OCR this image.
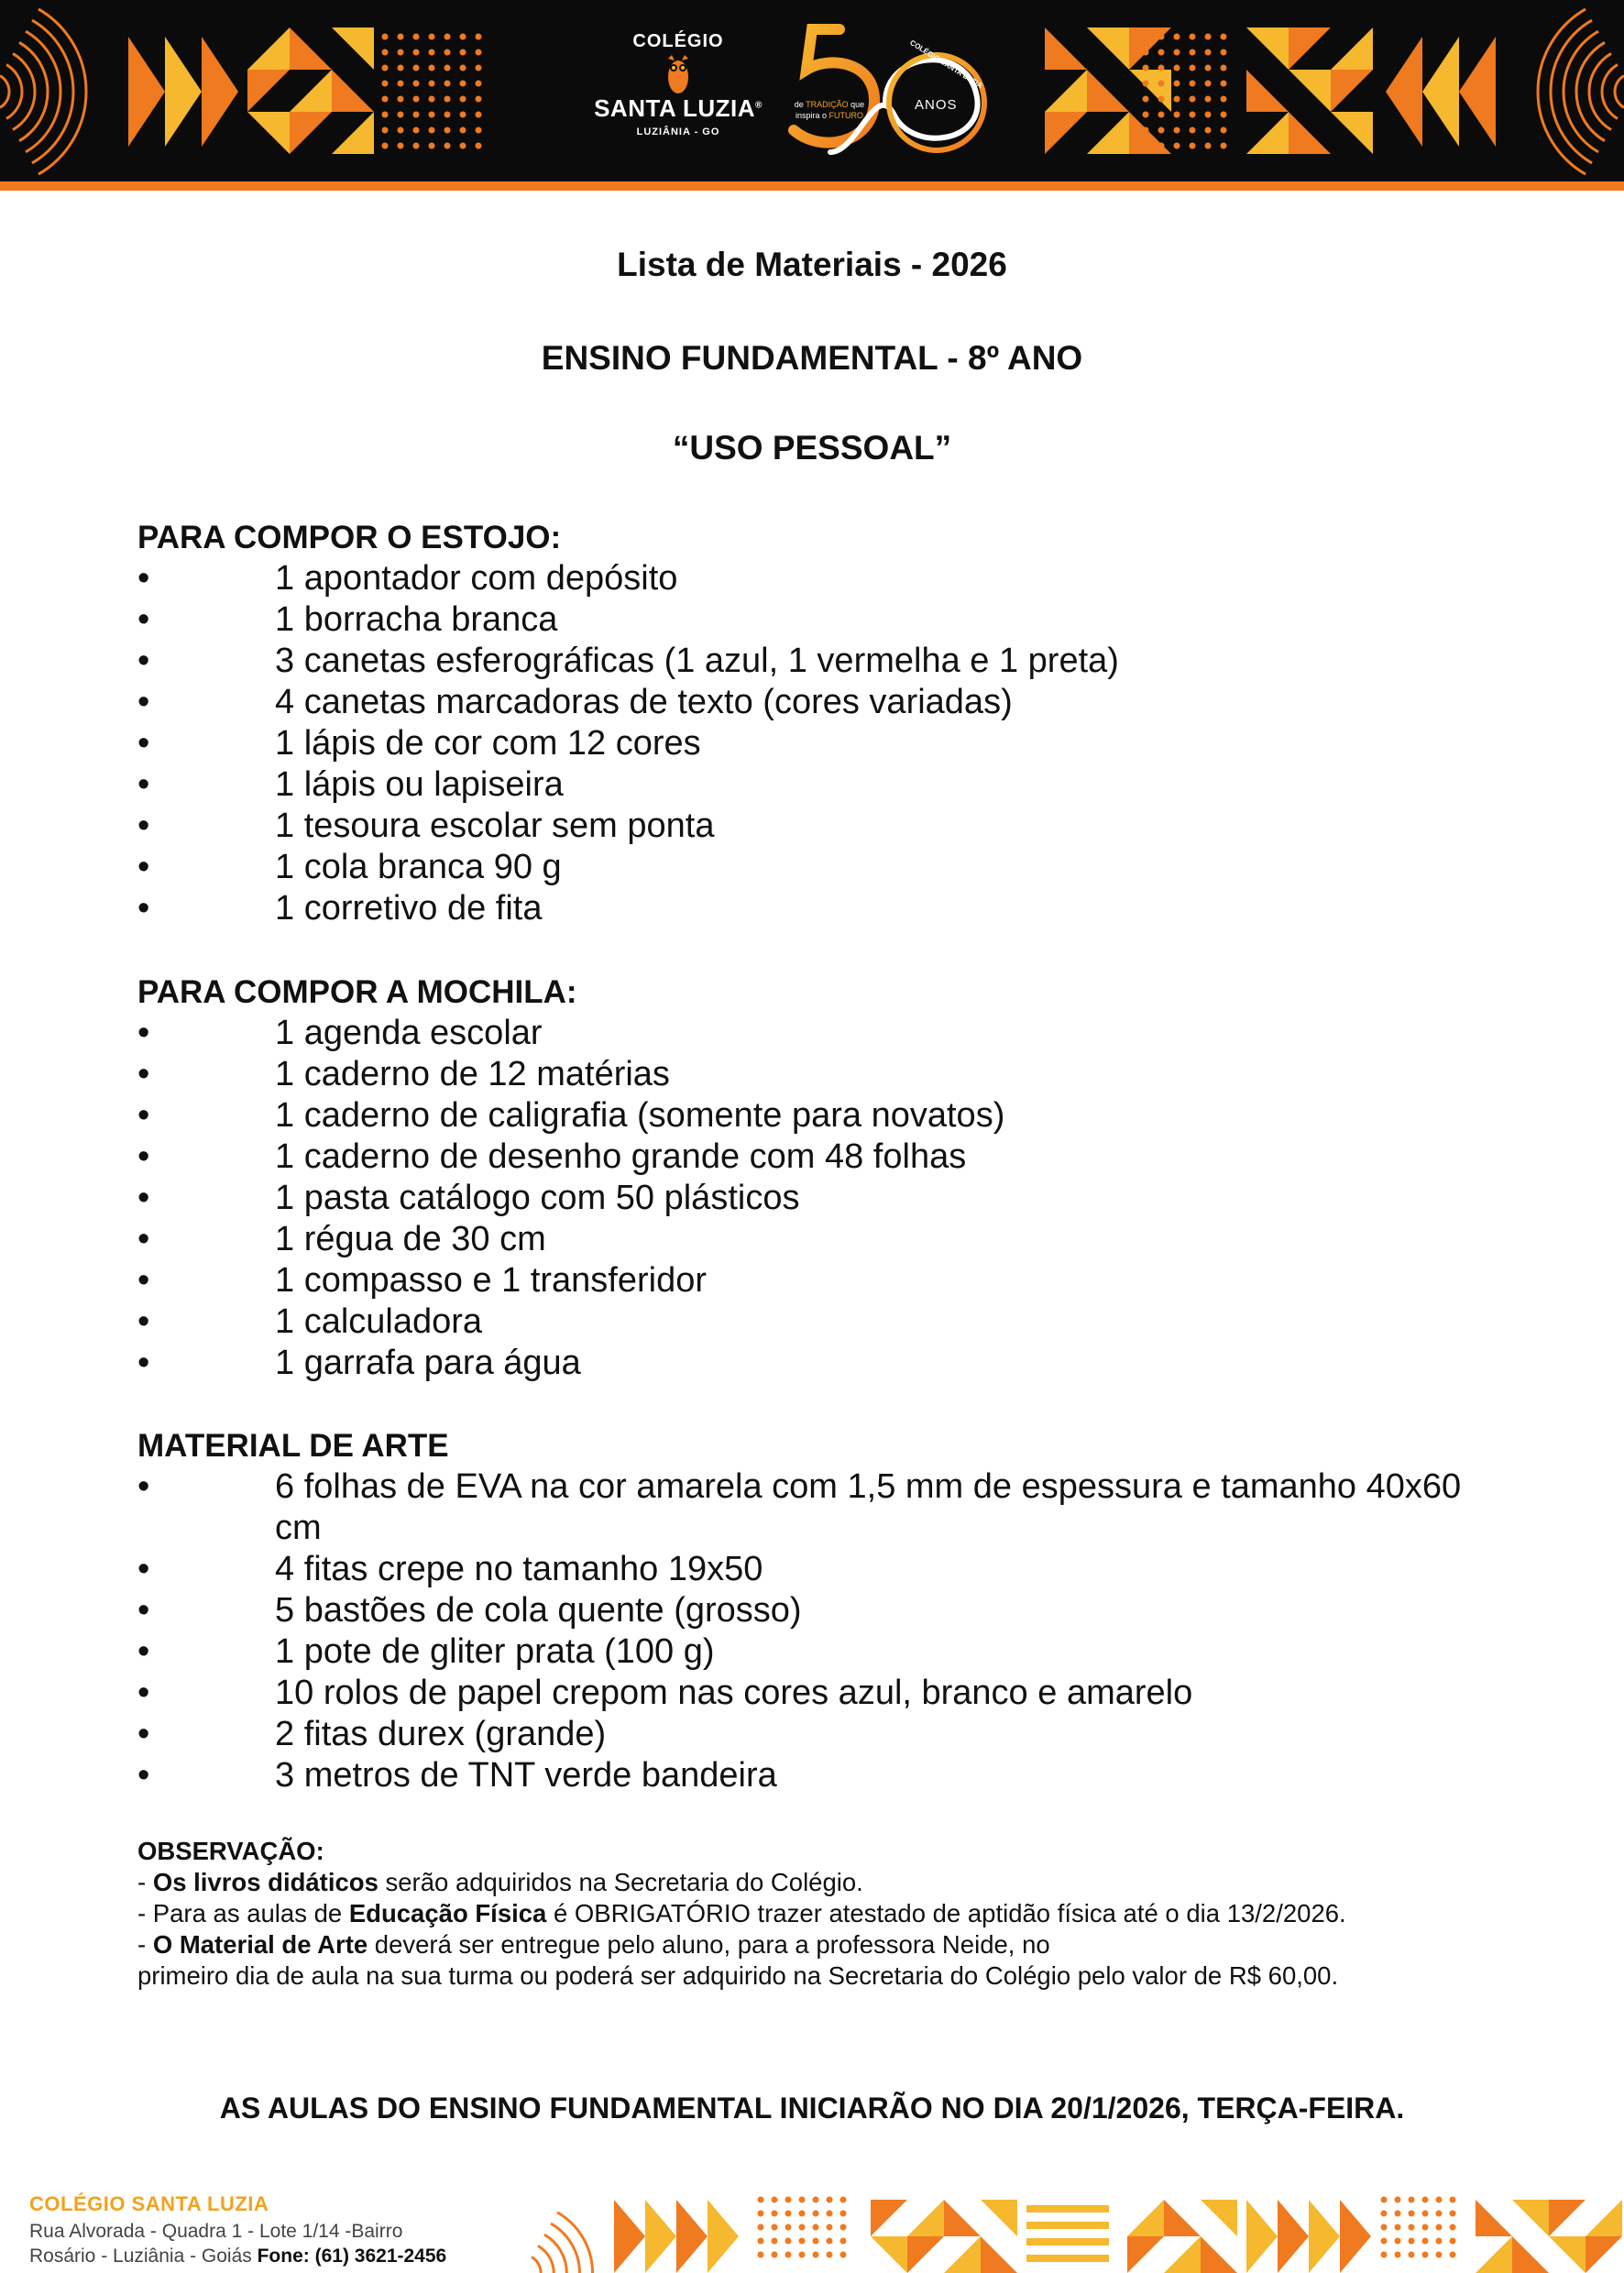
COLÉGIO
SANTA LUZIA®
LUZIÂNIA - GO
COLÉGIO SANTA LUZIA
de TRADIÇÃO que
inspira o FUTURO
ANOS
Lista de Materiais - 2026
ENSINO FUNDAMENTAL - 8º ANO
“USO PESSOAL”
PARA COMPOR O ESTOJO:
•	1 apontador com depósito
•	1 borracha branca
•	3 canetas esferográficas (1 azul, 1 vermelha e 1 preta)
•	4 canetas marcadoras de texto (cores variadas)
•	1 lápis de cor com 12 cores
•	1 lápis ou lapiseira
•	1 tesoura escolar sem ponta
•	1 cola branca 90 g
•	1 corretivo de fita
PARA COMPOR A MOCHILA:
•	1 agenda escolar
•	1 caderno de 12 matérias
•	1 caderno de caligrafia (somente para novatos)
•	1 caderno de desenho grande com 48 folhas
•	1 pasta catálogo com 50 plásticos
•	1 régua de 30 cm
•	1 compasso e 1 transferidor
•	1 calculadora
•	1 garrafa para água
MATERIAL DE ARTE
•	6 folhas de EVA na cor amarela com 1,5 mm de espessura e tamanho 40x60 cm
•	4 fitas crepe no tamanho 19x50
•	5 bastões de cola quente (grosso)
•	1 pote de gliter prata (100 g)
•	10 rolos de papel crepom nas cores azul, branco e amarelo
•	2 fitas durex (grande)
•	3 metros de TNT verde bandeira
OBSERVAÇÃO:
- Os livros didáticos serão adquiridos na Secretaria do Colégio.
- Para as aulas de Educação Física é OBRIGATÓRIO trazer atestado de aptidão física até o dia 13/2/2026.
- O Material de Arte deverá ser entregue pelo aluno, para a professora Neide, no
primeiro dia de aula na sua turma ou poderá ser adquirido na Secretaria do Colégio pelo valor de R$ 60,00.
AS AULAS DO ENSINO FUNDAMENTAL INICIARÃO NO DIA 20/1/2026, TERÇA-FEIRA.
COLÉGIO SANTA LUZIA
Rua Alvorada - Quadra 1 - Lote 1/14 -Bairro
Rosário - Luziânia - Goiás Fone: (61) 3621-2456
